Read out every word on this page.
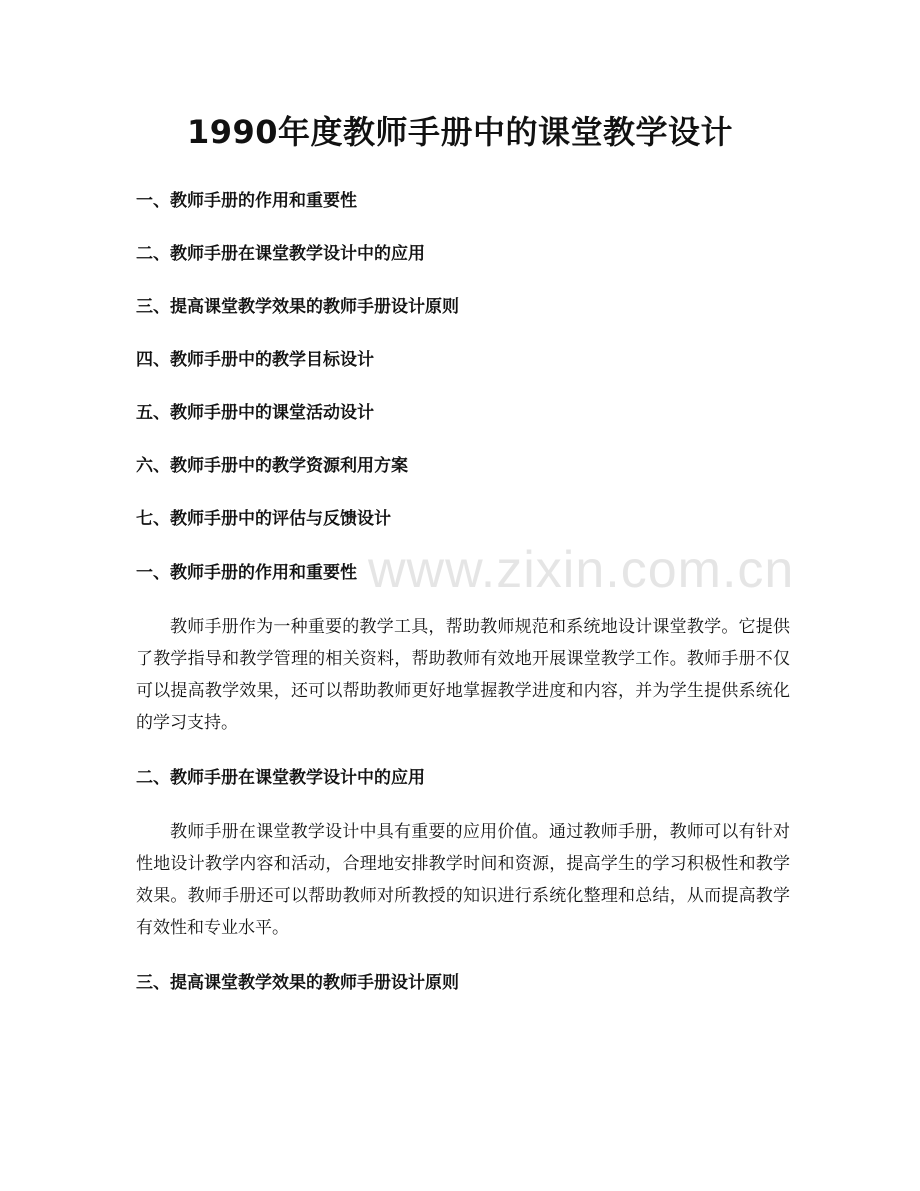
1990年度教师手册中的课堂教学设计
一、教师手册的作用和重要性
二、教师手册在课堂教学设计中的应用
三、提高课堂教学效果的教师手册设计原则
四、教师手册中的教学目标设计
五、教师手册中的课堂活动设计
六、教师手册中的教学资源利用方案
七、教师手册中的评估与反馈设计
一、教师手册的作用和重要性

教师手册作为一种重要的教学工具，帮助教师规范和系统地设计课堂教学。它提供了教学指导和教学管理的相关资料，帮助教师有效地开展课堂教学工作。教师手册不仅可以提高教学效果，还可以帮助教师更好地掌握教学进度和内容，并为学生提供系统化的学习支持。

二、教师手册在课堂教学设计中的应用

教师手册在课堂教学设计中具有重要的应用价值。通过教师手册，教师可以有针对性地设计教学内容和活动，合理地安排教学时间和资源，提高学生的学习积极性和教学效果。教师手册还可以帮助教师对所教授的知识进行系统化整理和总结，从而提高教学有效性和专业水平。

三、提高课堂教学效果的教师手册设计原则
www.zixin.com.cn
